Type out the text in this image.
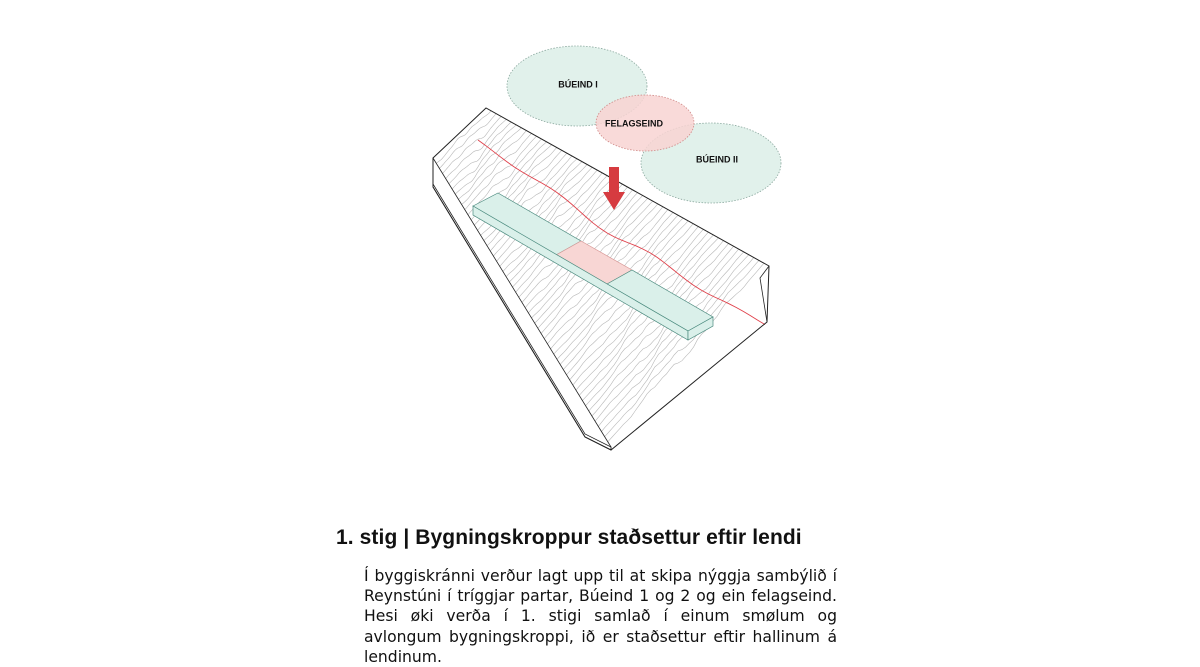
BÚEIND I
FELAGSEIND
BÚEIND II
1. stig | Bygningskroppur staðsettur eftir lendi

Í byggiskránni verður lagt upp til at skipa nýggja sambýlið í Reynstúni í tríggjar partar, Búeind 1 og 2 og ein felagseind. Hesi øki verða í 1. stigi samlað í einum smølum og avlongum bygningskroppi, ið er staðsettur eftir hallinum á lendinum.
